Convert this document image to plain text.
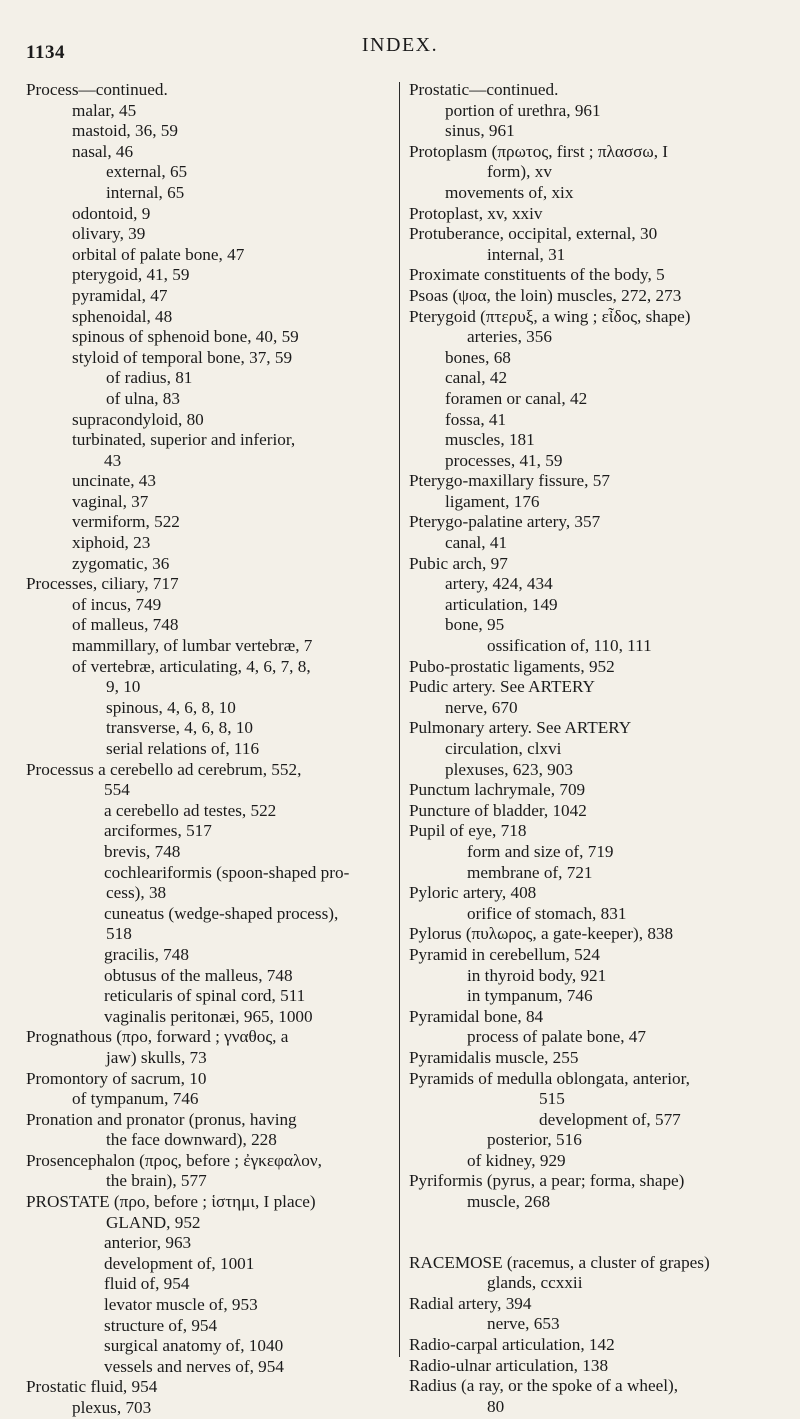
1134	INDEX.
Process—continued.
malar, 45
mastoid, 36, 59
nasal, 46
external, 65
internal, 65
odontoid, 9
olivary, 39
orbital of palate bone, 47
pterygoid, 41, 59
pyramidal, 47
sphenoidal, 48
spinous of sphenoid bone, 40, 59
styloid of temporal bone, 37, 59
of radius, 81
of ulna, 83
supracondyloid, 80
turbinated, superior and inferior,
43
uncinate, 43
vaginal, 37
vermiform, 522
xiphoid, 23
zygomatic, 36
Processes, ciliary, 717
of incus, 749
of malleus, 748
mammillary, of lumbar vertebræ, 7
of vertebræ, articulating, 4, 6, 7, 8,
9, 10
spinous, 4, 6, 8, 10
transverse, 4, 6, 8, 10
serial relations of, 116
Processus a cerebello ad cerebrum, 552,
554
a cerebello ad testes, 522
arciformes, 517
brevis, 748
cochleariformis (spoon-shaped pro-
cess), 38
cuneatus (wedge-shaped process),
518
gracilis, 748
obtusus of the malleus, 748
reticularis of spinal cord, 511
vaginalis peritonæi, 965, 1000
Prognathous (προ, forward ; γναθος, a
jaw) skulls, 73
Promontory of sacrum, 10
of tympanum, 746
Pronation and pronator (pronus, having
the face downward), 228
Prosencephalon (προς, before ; ἐγκεφαλον,
the brain), 577
PROSTATE (προ, before ; ἱστημι, I place)
GLAND, 952
anterior, 963
development of, 1001
fluid of, 954
levator muscle of, 953
structure of, 954
surgical anatomy of, 1040
vessels and nerves of, 954
Prostatic fluid, 954
plexus, 703
Prostatic—continued.
portion of urethra, 961
sinus, 961
Protoplasm (πρωτος, first ; πλασσω, I
form), xv
movements of, xix
Protoplast, xv, xxiv
Protuberance, occipital, external, 30
internal, 31
Proximate constituents of the body, 5
Psoas (ψoα, the loin) muscles, 272, 273
Pterygoid (πτερυξ, a wing ; εἶδος, shape)
arteries, 356
bones, 68
canal, 42
foramen or canal, 42
fossa, 41
muscles, 181
processes, 41, 59
Pterygo-maxillary fissure, 57
ligament, 176
Pterygo-palatine artery, 357
canal, 41
Pubic arch, 97
artery, 424, 434
articulation, 149
bone, 95
ossification of, 110, 111
Pubo-prostatic ligaments, 952
Pudic artery. See ARTERY
nerve, 670
Pulmonary artery. See ARTERY
circulation, clxvi
plexuses, 623, 903
Punctum lachrymale, 709
Puncture of bladder, 1042
Pupil of eye, 718
form and size of, 719
membrane of, 721
Pyloric artery, 408
orifice of stomach, 831
Pylorus (πυλωρος, a gate-keeper), 838
Pyramid in cerebellum, 524
in thyroid body, 921
in tympanum, 746
Pyramidal bone, 84
process of palate bone, 47
Pyramidalis muscle, 255
Pyramids of medulla oblongata, anterior,
515
development of, 577
posterior, 516
of kidney, 929
Pyriformis (pyrus, a pear; forma, shape)
muscle, 268
RACEMOSE (racemus, a cluster of grapes)
glands, ccxxii
Radial artery, 394
nerve, 653
Radio-carpal articulation, 142
Radio-ulnar articulation, 138
Radius (a ray, or the spoke of a wheel),
80
